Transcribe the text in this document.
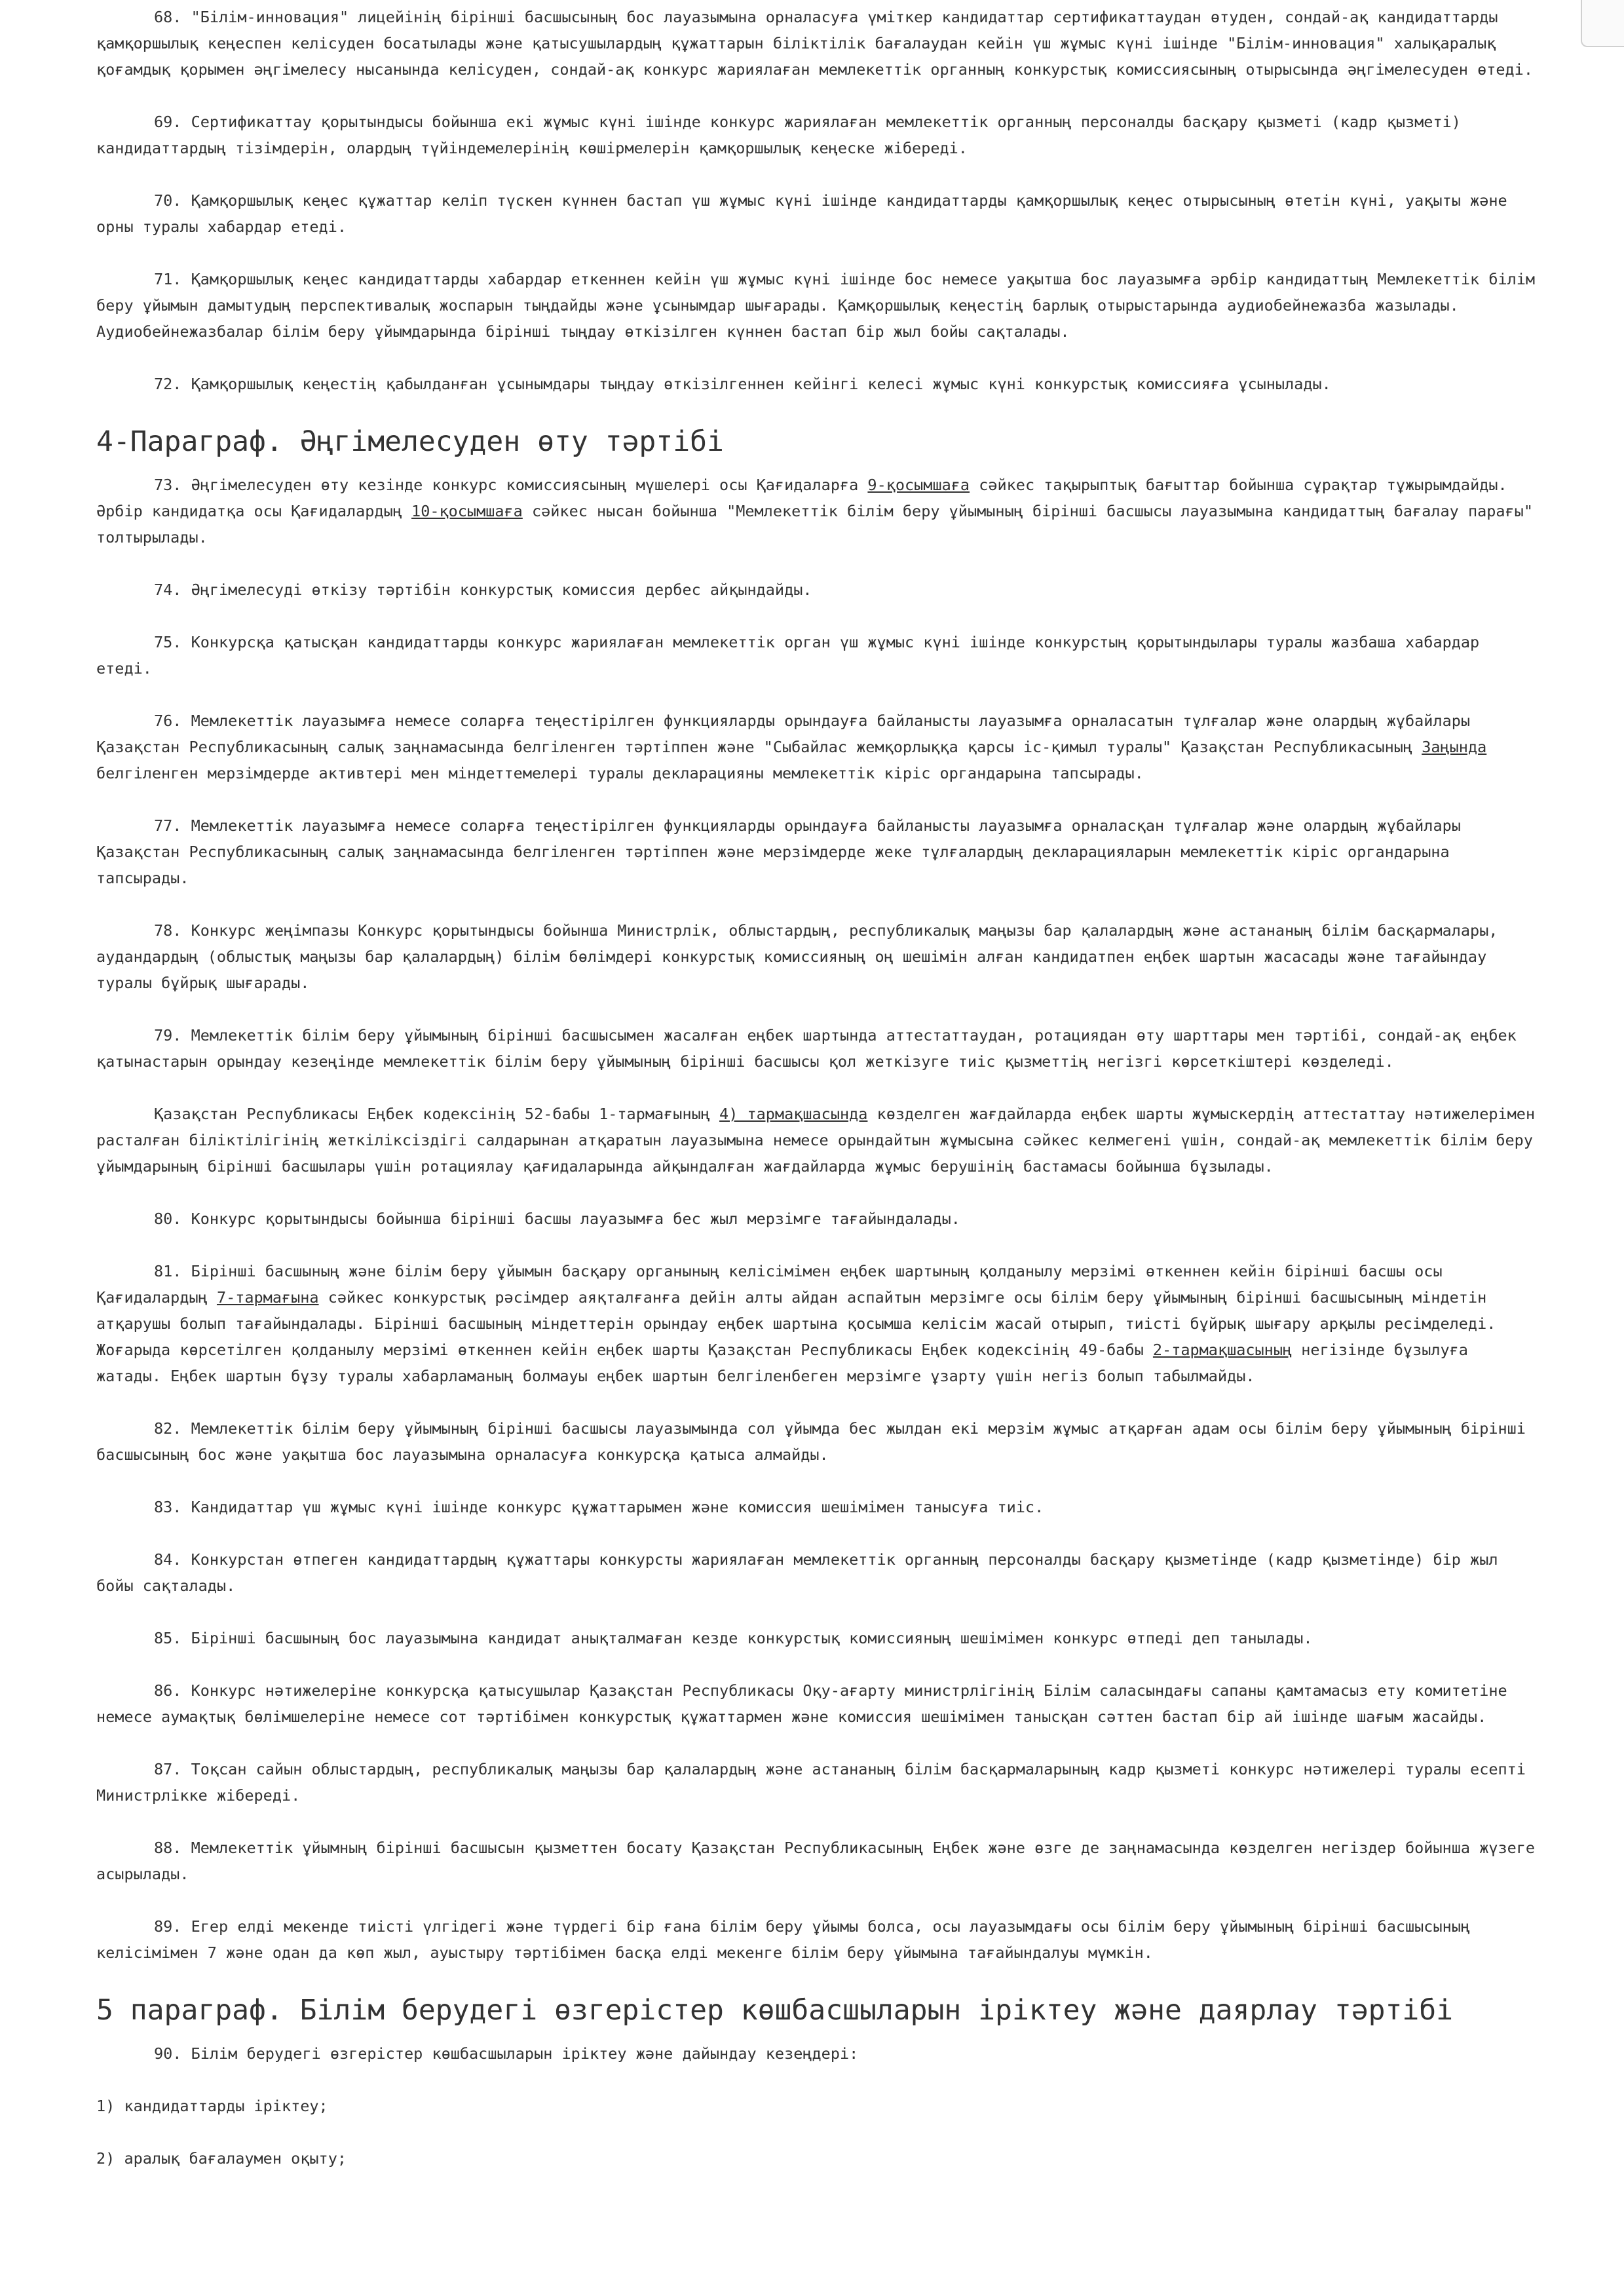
68. "Білім-инновация" лицейінің бірінші басшысының бос лауазымына орналасуға үміткер кандидаттар сертификаттаудан өтуден, сондай-ақ кандидаттарды қамқоршылық кеңеспен келісуден босатылады және қатысушылардың құжаттарын біліктілік бағалаудан кейін үш жұмыс күні ішінде "Білім-инновация" халықаралық қоғамдық қорымен әңгімелесу нысанында келісуден, сондай-ақ конкурс жариялаған мемлекеттік органның конкурстық комиссиясының отырысында әңгімелесуден өтеді.

69. Сертификаттау қорытындысы бойынша екі жұмыс күні ішінде конкурс жариялаған мемлекеттік органның персоналды басқару қызметі (кадр қызметі) кандидаттардың тізімдерін, олардың түйіндемелерінің көшірмелерін қамқоршылық кеңеске жібереді.

70. Қамқоршылық кеңес құжаттар келіп түскен күннен бастап үш жұмыс күні ішінде кандидаттарды қамқоршылық кеңес отырысының өтетін күні, уақыты және орны туралы хабардар етеді.

71. Қамқоршылық кеңес кандидаттарды хабардар еткеннен кейін үш жұмыс күні ішінде бос немесе уақытша бос лауазымға әрбір кандидаттың Мемлекеттік білім беру ұйымын дамытудың перспективалық жоспарын тыңдайды және ұсынымдар шығарады. Қамқоршылық кеңестің барлық отырыстарында аудиобейнежазба жазылады. Аудиобейнежазбалар білім беру ұйымдарында бірінші тыңдау өткізілген күннен бастап бір жыл бойы сақталады.

72. Қамқоршылық кеңестің қабылданған ұсынымдары тыңдау өткізілгеннен кейінгі келесі жұмыс күні конкурстық комиссияға ұсынылады.

4-Параграф. Әңгімелесуден өту тәртібі

73. Әңгімелесуден өту кезінде конкурс комиссиясының мүшелері осы Қағидаларға 9-қосымшаға сәйкес тақырыптық бағыттар бойынша сұрақтар тұжырымдайды. Әрбір кандидатқа осы Қағидалардың 10-қосымшаға сәйкес нысан бойынша "Мемлекеттік білім беру ұйымының бірінші басшысы лауазымына кандидаттың бағалау парағы" толтырылады.

74. Әңгімелесуді өткізу тәртібін конкурстық комиссия дербес айқындайды.

75. Конкурсқа қатысқан кандидаттарды конкурс жариялаған мемлекеттік орган үш жұмыс күні ішінде конкурстың қорытындылары туралы жазбаша хабардар етеді.

76. Мемлекеттік лауазымға немесе соларға теңестірілген функцияларды орындауға байланысты лауазымға орналасатын тұлғалар және олардың жұбайлары Қазақстан Республикасының салық заңнамасында белгіленген тәртіппен және "Сыбайлас жемқорлыққа қарсы іс-қимыл туралы" Қазақстан Республикасының Заңында белгіленген мерзімдерде активтері мен міндеттемелері туралы декларацияны мемлекеттік кіріс органдарына тапсырады.

77. Мемлекеттік лауазымға немесе соларға теңестірілген функцияларды орындауға байланысты лауазымға орналасқан тұлғалар және олардың жұбайлары Қазақстан Республикасының салық заңнамасында белгіленген тәртіппен және мерзімдерде жеке тұлғалардың декларацияларын мемлекеттік кіріс органдарына тапсырады.

78. Конкурс жеңімпазы Конкурс қорытындысы бойынша Министрлік, облыстардың, республикалық маңызы бар қалалардың және астананың білім басқармалары, аудандардың (облыстық маңызы бар қалалардың) білім бөлімдері конкурстық комиссияның оң шешімін алған кандидатпен еңбек шартын жасасады және тағайындау туралы бұйрық шығарады.

79. Мемлекеттік білім беру ұйымының бірінші басшысымен жасалған еңбек шартында аттестаттаудан, ротациядан өту шарттары мен тәртібі, сондай-ақ еңбек қатынастарын орындау кезеңінде мемлекеттік білім беру ұйымының бірінші басшысы қол жеткізуге тиіс қызметтің негізгі көрсеткіштері көзделеді.

Қазақстан Республикасы Еңбек кодексінің 52-бабы 1-тармағының 4) тармақшасында көзделген жағдайларда еңбек шарты жұмыскердің аттестаттау нәтижелерімен расталған біліктілігінің жеткіліксіздігі салдарынан атқаратын лауазымына немесе орындайтын жұмысына сәйкес келмегені үшін, сондай-ақ мемлекеттік білім беру ұйымдарының бірінші басшылары үшін ротациялау қағидаларында айқындалған жағдайларда жұмыс берушінің бастамасы бойынша бұзылады.

80. Конкурс қорытындысы бойынша бірінші басшы лауазымға бес жыл мерзімге тағайындалады.

81. Бірінші басшының және білім беру ұйымын басқару органының келісімімен еңбек шартының қолданылу мерзімі өткеннен кейін бірінші басшы осы Қағидалардың 7-тармағына сәйкес конкурстық рәсімдер аяқталғанға дейін алты айдан аспайтын мерзімге осы білім беру ұйымының бірінші басшысының міндетін атқарушы болып тағайындалады. Бірінші басшының міндеттерін орындау еңбек шартына қосымша келісім жасай отырып, тиісті бұйрық шығару арқылы ресімделеді. Жоғарыда көрсетілген қолданылу мерзімі өткеннен кейін еңбек шарты Қазақстан Республикасы Еңбек кодексінің 49-бабы 2-тармақшасының негізінде бұзылуға жатады. Еңбек шартын бұзу туралы хабарламаның болмауы еңбек шартын белгіленбеген мерзімге ұзарту үшін негіз болып табылмайды.

82. Мемлекеттік білім беру ұйымының бірінші басшысы лауазымында сол ұйымда бес жылдан екі мерзім жұмыс атқарған адам осы білім беру ұйымының бірінші басшысының бос және уақытша бос лауазымына орналасуға конкурсқа қатыса алмайды.

83. Кандидаттар үш жұмыс күні ішінде конкурс құжаттарымен және комиссия шешімімен танысуға тиіс.

84. Конкурстан өтпеген кандидаттардың құжаттары конкурсты жариялаған мемлекеттік органның персоналды басқару қызметінде (кадр қызметінде) бір жыл бойы сақталады.

85. Бірінші басшының бос лауазымына кандидат анықталмаған кезде конкурстық комиссияның шешімімен конкурс өтпеді деп танылады.

86. Конкурс нәтижелеріне конкурсқа қатысушылар Қазақстан Республикасы Оқу-ағарту министрлігінің Білім саласындағы сапаны қамтамасыз ету комитетіне немесе аумақтық бөлімшелеріне немесе сот тәртібімен конкурстық құжаттармен және комиссия шешімімен танысқан сәттен бастап бір ай ішінде шағым жасайды.

87. Тоқсан сайын облыстардың, республикалық маңызы бар қалалардың және астананың білім басқармаларының кадр қызметі конкурс нәтижелері туралы есепті Министрлікке жібереді.

88. Мемлекеттік ұйымның бірінші басшысын қызметтен босату Қазақстан Республикасының Еңбек және өзге де заңнамасында көзделген негіздер бойынша жүзеге асырылады.

89. Егер елді мекенде тиісті үлгідегі және түрдегі бір ғана білім беру ұйымы болса, осы лауазымдағы осы білім беру ұйымының бірінші басшысының келісімімен 7 және одан да көп жыл, ауыстыру тәртібімен басқа елді мекенге білім беру ұйымына тағайындалуы мүмкін.

5 параграф. Білім берудегі өзгерістер көшбасшыларын іріктеу және даярлау тәртібі

90. Білім берудегі өзгерістер көшбасшыларын іріктеу және дайындау кезеңдері:

1) кандидаттарды іріктеу;

2) аралық бағалаумен оқыту;
